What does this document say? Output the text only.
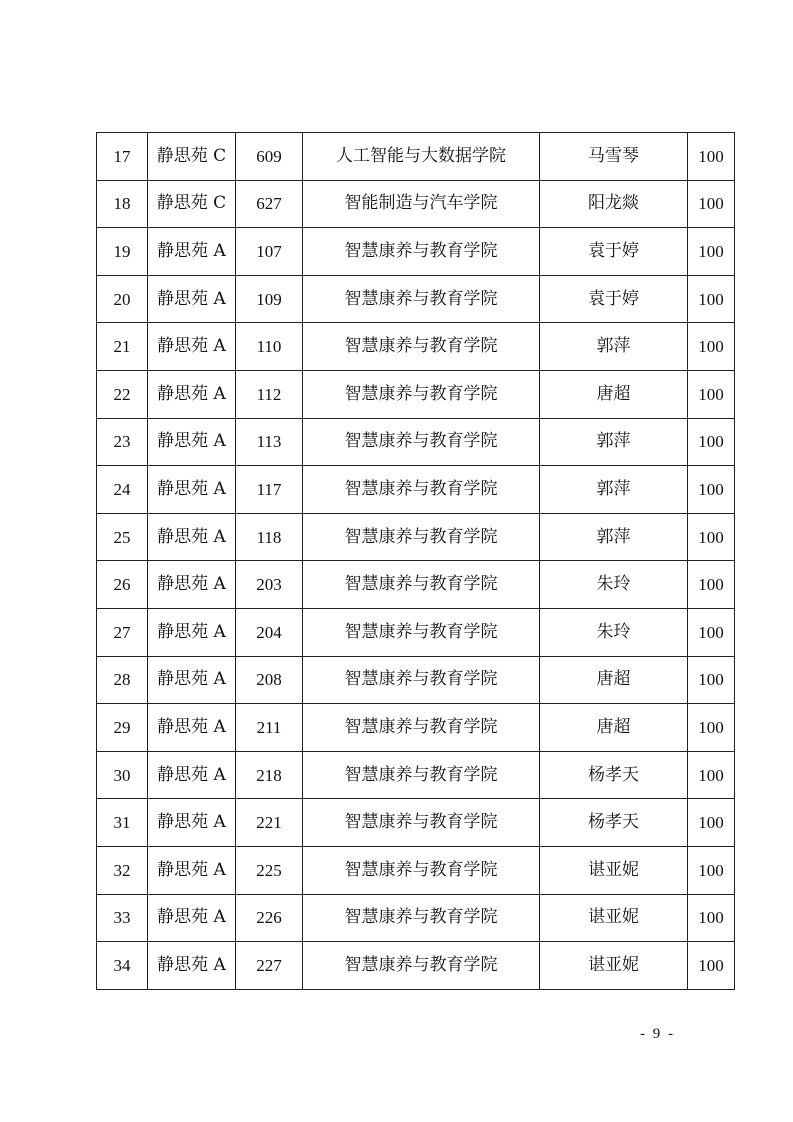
17	静思苑 C	609	人工智能与大数据学院	马雪琴	100
18	静思苑 C	627	智能制造与汽车学院	阳龙燚	100
19	静思苑 A	107	智慧康养与教育学院	袁于婷	100
20	静思苑 A	109	智慧康养与教育学院	袁于婷	100
21	静思苑 A	110	智慧康养与教育学院	郭萍	100
22	静思苑 A	112	智慧康养与教育学院	唐超	100
23	静思苑 A	113	智慧康养与教育学院	郭萍	100
24	静思苑 A	117	智慧康养与教育学院	郭萍	100
25	静思苑 A	118	智慧康养与教育学院	郭萍	100
26	静思苑 A	203	智慧康养与教育学院	朱玲	100
27	静思苑 A	204	智慧康养与教育学院	朱玲	100
28	静思苑 A	208	智慧康养与教育学院	唐超	100
29	静思苑 A	211	智慧康养与教育学院	唐超	100
30	静思苑 A	218	智慧康养与教育学院	杨孝天	100
31	静思苑 A	221	智慧康养与教育学院	杨孝天	100
32	静思苑 A	225	智慧康养与教育学院	谌亚妮	100
33	静思苑 A	226	智慧康养与教育学院	谌亚妮	100
34	静思苑 A	227	智慧康养与教育学院	谌亚妮	100
- 9 -
